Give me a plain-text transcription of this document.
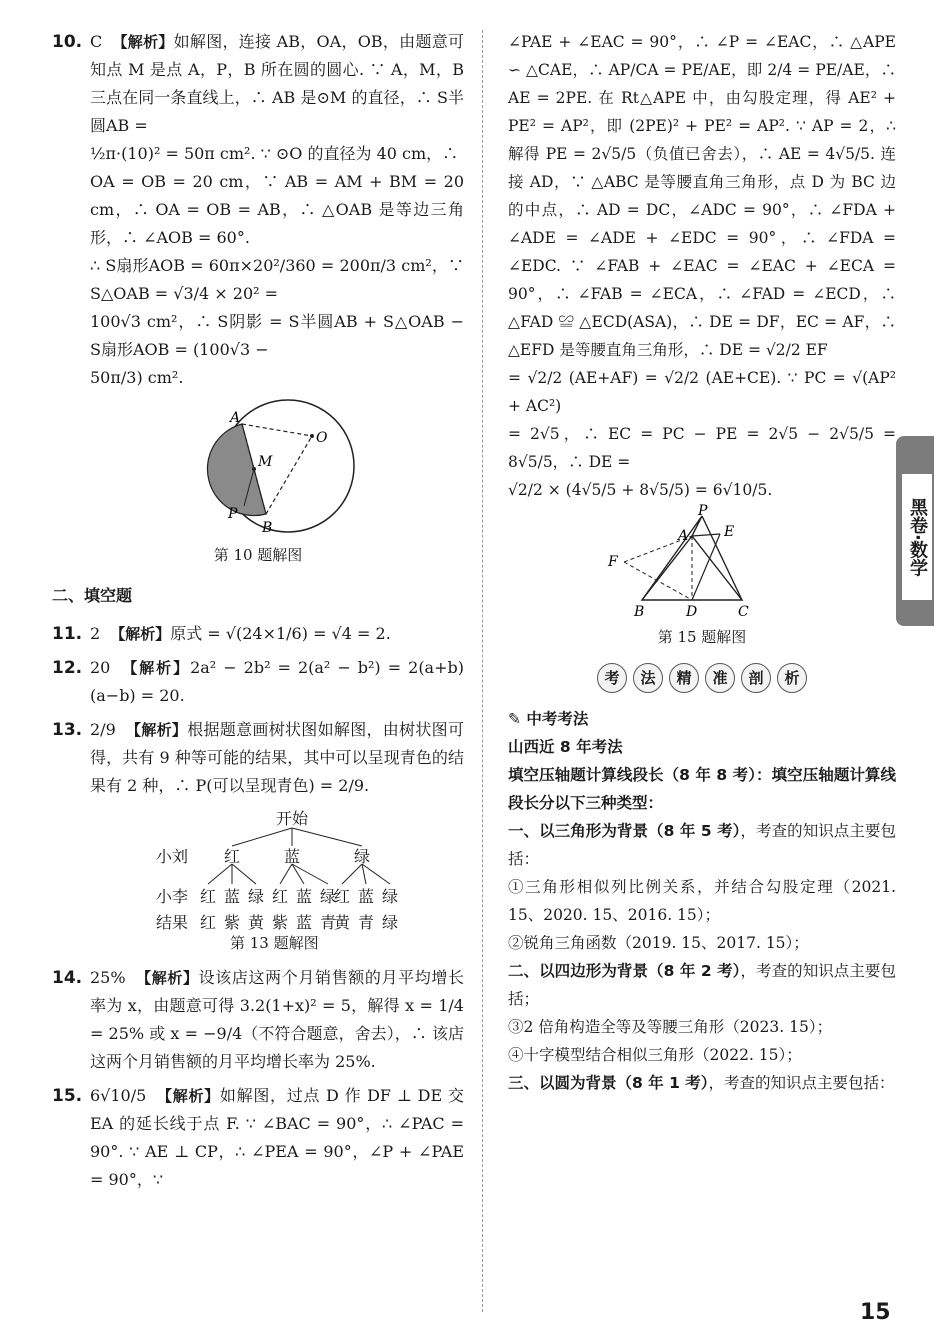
10. C 【解析】如解图，连接 AB，OA，OB，由题意可知点 M 是点 A，P，B 所在圆的圆心. ∵ A，M，B 三点在同一条直线上，∴ AB 是⊙M 的直径，∴ S半圆AB =
½π·(10)² = 50π cm². ∵ ⊙O 的直径为 40 cm，∴
OA = OB = 20 cm，∵ AB = AM + BM = 20 cm，∴ OA = OB = AB，∴ △OAB 是等边三角形，∴ ∠AOB = 60°.
∴ S扇形AOB = 60π×20²/360 = 200π/3 cm²，∵ S△OAB = √3/4 × 20² =
100√3 cm²，∴ S阴影 = S半圆AB + S△OAB − S扇形AOB = (100√3 −
50π/3) cm².
A
M
O
P
B
第 10 题解图
二、填空题
11. 2 【解析】原式 = √(24×1/6) = √4 = 2.
12. 20 【解析】2a² − 2b² = 2(a² − b²) = 2(a+b)(a−b) = 20.
13. 2/9 【解析】根据题意画树状图如解图，由树状图可得，共有 9 种等可能的结果，其中可以呈现青色的结果有 2 种，∴ P(可以呈现青色) = 2/9.
开始
小刘 红	蓝	绿
小李 红 蓝 绿 红 蓝 绿
红 蓝 绿
结果 红 紫 黄 紫 蓝 青
黄 青 绿
第 13 题解图
14. 25% 【解析】设该店这两个月销售额的月平均增长率为 x，由题意可得 3.2(1+x)² = 5，解得 x = 1/4 = 25% 或 x = −9/4（不符合题意，舍去），∴ 该店这两个月销售额的月平均增长率为 25%.
15. 6√10/5 【解析】如解图，过点 D 作 DF ⊥ DE 交 EA 的延长线于点 F. ∵ ∠BAC = 90°，∴ ∠PAC = 90°. ∵ AE ⊥ CP，∴ ∠PEA = 90°，∠P + ∠PAE = 90°，∵

∠PAE + ∠EAC = 90°，∴ ∠P = ∠EAC，∴ △APE ∽ △CAE，∴ AP/CA = PE/AE，即 2/4 = PE/AE，∴ AE = 2PE. 在 Rt△APE 中，由勾股定理，得 AE² + PE² = AP²，即 (2PE)² + PE² = AP². ∵ AP = 2，∴ 解得 PE = 2√5/5（负值已舍去），∴ AE = 4√5/5. 连接 AD，∵ △ABC 是等腰直角三角形，点 D 为 BC 边的中点，∴ AD = DC，∠ADC = 90°，∴ ∠FDA + ∠ADE = ∠ADE + ∠EDC = 90°，∴ ∠FDA = ∠EDC. ∵ ∠FAB + ∠EAC = ∠EAC + ∠ECA = 90°，∴ ∠FAB = ∠ECA，∴ ∠FAD = ∠ECD，∴ △FAD ≌ △ECD(ASA)，∴ DE = DF，EC = AF，∴ △EFD 是等腰直角三角形，∴ DE = √2/2 EF

= √2/2 (AE+AF) = √2/2 (AE+CE). ∵ PC = √(AP² + AC²)

= 2√5，∴ EC = PC − PE = 2√5 − 2√5/5 = 8√5/5，∴ DE =

√2/2 × (4√5/5 + 8√5/5) = 6√10/5.

P
A	E
F
B	D	C
第 15 题解图
考 法 精 准 剖 析

✎ 中考考法

山西近 8 年考法

填空压轴题计算线段长（8 年 8 考）：填空压轴题计算线段长分以下三种类型：

一、以三角形为背景（8 年 5 考），考查的知识点主要包括：

①三角形相似列比例关系，并结合勾股定理（2021. 15、2020. 15、2016. 15）；

②锐角三角函数（2019. 15、2017. 15）；

二、以四边形为背景（8 年 2 考），考查的知识点主要包括；

③2 倍角构造全等及等腰三角形（2023. 15）；

④十字模型结合相似三角形（2022. 15）；

三、以圆为背景（8 年 1 考），考查的知识点主要包括：

黑卷·数学
15
